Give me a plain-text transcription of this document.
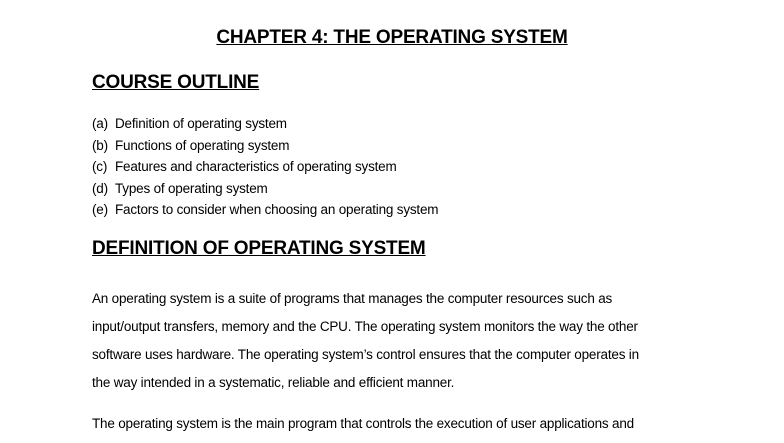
CHAPTER 4: THE OPERATING SYSTEM
COURSE OUTLINE
(a) Definition of operating system
(b) Functions of operating system
(c) Features and characteristics of operating system
(d) Types of operating system
(e) Factors to consider when choosing an operating system
DEFINITION OF OPERATING SYSTEM
An operating system is a suite of programs that manages the computer resources such as
input/output transfers, memory and the CPU. The operating system monitors the way the other
software uses hardware. The operating system’s control ensures that the computer operates in
the way intended in a systematic, reliable and efficient manner.
The operating system is the main program that controls the execution of user applications and
